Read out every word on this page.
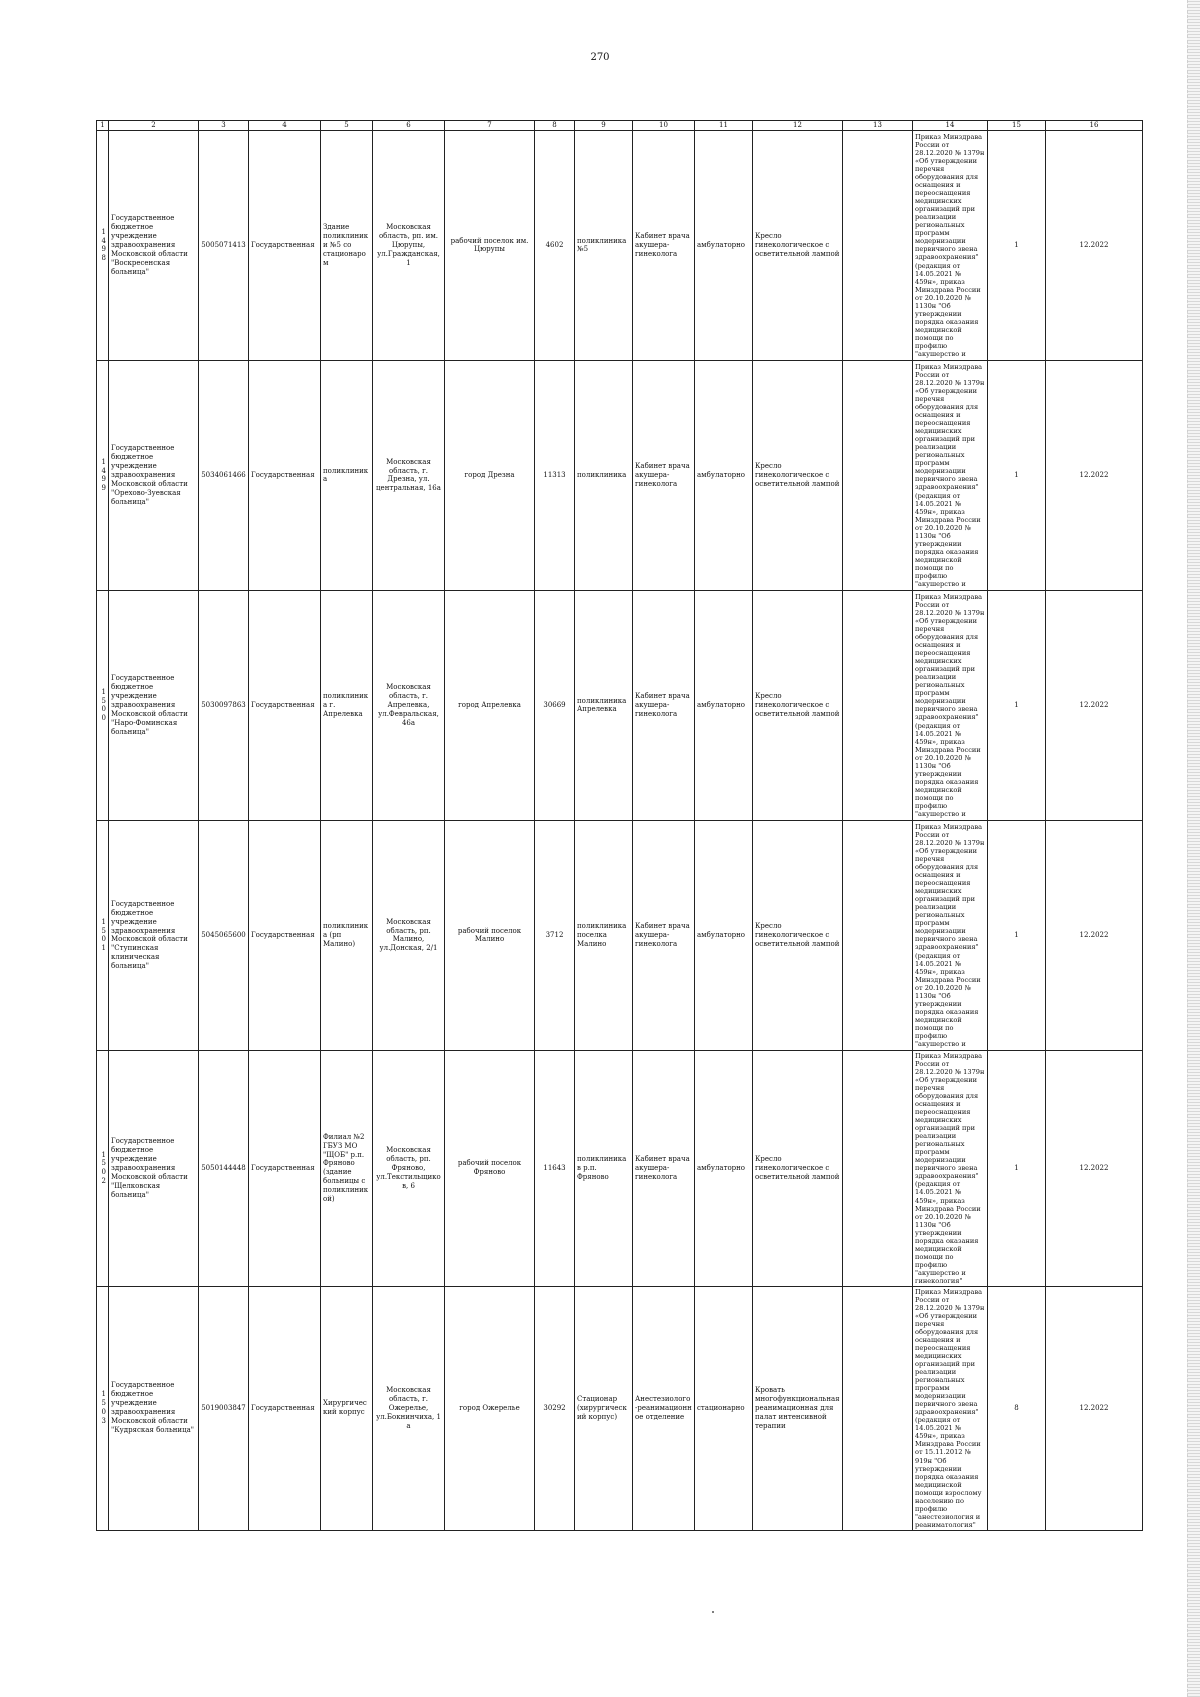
270
1	2	3	4	5	6	7	8	9	10	11	12	13	14	15	16
1498	Государственное бюджетное учреждение здравоохранения Московской области "Воскресенская больница"	5005071413	Государственная	Здание поликлиники №5 со стационаром	Московская область, рп. им. Цюрупы, ул.Гражданская, 1	рабочий поселок им. Цюрупы	4602	поликлиника №5	Кабинет врача акушера-гинеколога	амбулаторно	Кресло гинекологическое с осветительной лампой		Приказ Минздрава России от 28.12.2020 № 1379н «Об утверждении перечня оборудования для оснащения и переоснащения медицинских организаций при реализации региональных программ модернизации первичного звена здравоохранения"(редакция от 14.05.2021 № 459н», приказ Минздрава России от 20.10.2020 № 1130н "Об утверждении порядка оказания медицинской помощи по профилю "акушерство и	1	12.2022
1499	Государственное бюджетное учреждение здравоохранения Московской области "Орехово-Зуевская больница"	5034061466	Государственная	поликлиника	Московская область, г. Дрезна, ул. центральная, 16а	город Дрезна	11313	поликлиника	Кабинет врача акушера-гинеколога	амбулаторно	Кресло гинекологическое с осветительной лампой		Приказ Минздрава России от 28.12.2020 № 1379н «Об утверждении перечня оборудования для оснащения и переоснащения медицинских организаций при реализации региональных программ модернизации первичного звена здравоохранения"(редакция от 14.05.2021 № 459н», приказ Минздрава России от 20.10.2020 № 1130н "Об утверждении порядка оказания медицинской помощи по профилю "акушерство и	1	12.2022
1500	Государственное бюджетное учреждение здравоохранения Московской области "Наро-Фоминская больница"	5030097863	Государственная	поликлиника г. Апрелевка	Московская область, г. Апрелевка, ул.Февральская, 46а	город Апрелевка	30669	поликлиника Апрелевка	Кабинет врача акушера-гинеколога	амбулаторно	Кресло гинекологическое с осветительной лампой		Приказ Минздрава России от 28.12.2020 № 1379н «Об утверждении перечня оборудования для оснащения и переоснащения медицинских организаций при реализации региональных программ модернизации первичного звена здравоохранения"(редакция от 14.05.2021 № 459н», приказ Минздрава России от 20.10.2020 № 1130н "Об утверждении порядка оказания медицинской помощи по профилю "акушерство и	1	12.2022
1501	Государственное бюджетное учреждение здравоохранения Московской области "Ступинская клиническая больница"	5045065600	Государственная	поликлиника (рп Малино)	Московская область, рп. Малино, ул.Донская, 2/1	рабочий поселок Малино	3712	поликлиника поселка Малино	Кабинет врача акушера-гинеколога	амбулаторно	Кресло гинекологическое с осветительной лампой		Приказ Минздрава России от 28.12.2020 № 1379н «Об утверждении перечня оборудования для оснащения и переоснащения медицинских организаций при реализации региональных программ модернизации первичного звена здравоохранения"(редакция от 14.05.2021 № 459н», приказ Минздрава России от 20.10.2020 № 1130н "Об утверждении порядка оказания медицинской помощи по профилю "акушерство и	1	12.2022
1502	Государственное бюджетное учреждение здравоохранения Московской области "Щелковская больница"	5050144448	Государственная	Филиал №2 ГБУЗ МО "ЩОБ" р.п. Фряново (здание больницы с поликлиникой)	Московская область, рп. Фряново, ул.Текстильщиков, 6	рабочий поселок Фряново	11643	поликлиника в р.п. Фряново	Кабинет врача акушера-гинеколога	амбулаторно	Кресло гинекологическое с осветительной лампой		Приказ Минздрава России от 28.12.2020 № 1379н «Об утверждении перечня оборудования для оснащения и переоснащения медицинских организаций при реализации региональных программ модернизации первичного звена здравоохранения"(редакция от 14.05.2021 № 459н», приказ Минздрава России от 20.10.2020 № 1130н "Об утверждении порядка оказания медицинской помощи по профилю "акушерство и гинекология"	1	12.2022
1503	Государственное бюджетное учреждение здравоохранения Московской области "Кудряская больница"	5019003847	Государственная	Хирургический корпус	Московская область, г. Ожерелье, ул.Бокнинчиха, 1 а	город Ожерелье	30292	Стационар (хирургический корпус)	Анестезиолого-реанимационное отделение	стационарно	Кровать многофункциональная реанимационная для палат интенсивной терапии		Приказ Минздрава России от 28.12.2020 № 1379н «Об утверждении перечня оборудования для оснащения и переоснащения медицинских организаций при реализации региональных программ модернизации первичного звена здравоохранения"(редакция от 14.05.2021 № 459н», приказ Минздрава России от 15.11.2012 № 919н "Об утверждении порядка оказания медицинской помощи взрослому населению по профилю "анестезиология и реаниматология"	8	12.2022
